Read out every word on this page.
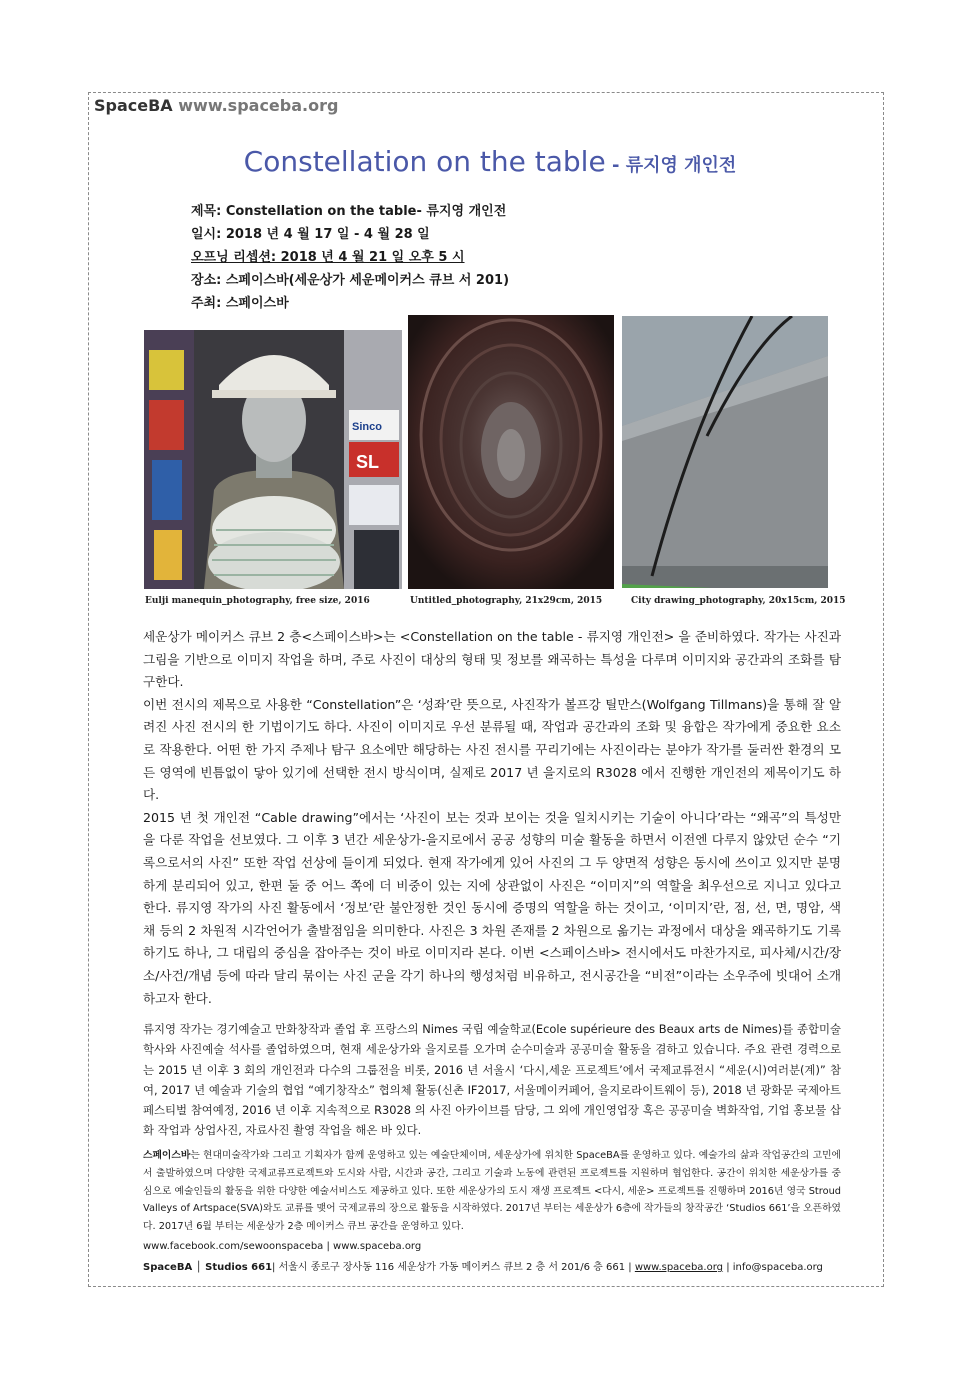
SpaceBA www.spaceba.org
Constellation on the table - 류지영 개인전
제목: Constellation on the table- 류지영 개인전
일시: 2018 년 4 월 17 일 - 4 월 28 일
오프닝 리셉션: 2018 년 4 월 21 일 오후 5 시
장소: 스페이스바(세운상가 세운메이커스 큐브 서 201)
주최: 스페이스바
Sinco
SL
Eulji manequin_photography, free size, 2016	Untitled_photography, 21x29cm, 2015	City drawing_photography, 20x15cm, 2015

세운상가 메이커스 큐브 2 층<스페이스바>는 <Constellation on the table - 류지영 개인전> 을 준비하였다. 작가는 사진과 그림을 기반으로 이미지 작업을 하며, 주로 사진이 대상의 형태 및 정보를 왜곡하는 특성을 다루며 이미지와 공간과의 조화를 탐구한다.

이번 전시의 제목으로 사용한 “Constellation”은 ‘성좌’란 뜻으로, 사진작가 볼프강 틸만스(Wolfgang Tillmans)을 통해 잘 알려진 사진 전시의 한 기법이기도 하다. 사진이 이미지로 우선 분류될 때, 작업과 공간과의 조화 및 융합은 작가에게 중요한 요소로 작용한다. 어떤 한 가지 주제나 탐구 요소에만 해당하는 사진 전시를 꾸리기에는 사진이라는 분야가 작가를 둘러싼 환경의 모든 영역에 빈틈없이 닿아 있기에 선택한 전시 방식이며, 실제로 2017 년 을지로의 R3028 에서 진행한 개인전의 제목이기도 하다.

2015 년 첫 개인전 “Cable drawing”에서는 ‘사진이 보는 것과 보이는 것을 일치시키는 기술이 아니다’라는 “왜곡”의 특성만을 다룬 작업을 선보였다. 그 이후 3 년간 세운상가-을지로에서 공공 성향의 미술 활동을 하면서 이전엔 다루지 않았던 순수 “기록으로서의 사진” 또한 작업 선상에 들이게 되었다. 현재 작가에게 있어 사진의 그 두 양면적 성향은 동시에 쓰이고 있지만 분명하게 분리되어 있고, 한편 둘 중 어느 쪽에 더 비중이 있는 지에 상관없이 사진은 “이미지”의 역할을 최우선으로 지니고 있다고 한다. 류지영 작가의 사진 활동에서 ‘정보’란 불안정한 것인 동시에 증명의 역할을 하는 것이고, ‘이미지’란, 점, 선, 면, 명암, 색채 등의 2 차원적 시각언어가 출발점임을 의미한다. 사진은 3 차원 존재를 2 차원으로 옮기는 과정에서 대상을 왜곡하기도 기록하기도 하나, 그 대립의 중심을 잡아주는 것이 바로 이미지라 본다. 이번 <스페이스바> 전시에서도 마찬가지로, 피사체/시간/장소/사건/개념 등에 따라 달리 묶이는 사진 군을 각기 하나의 행성처럼 비유하고, 전시공간을 “비전”이라는 소우주에 빗대어 소개하고자 한다.

류지영 작가는 경기예술고 만화창작과 졸업 후 프랑스의 Nimes 국립 예술학교(Ecole supérieure des Beaux arts de Nimes)를 종합미술 학사와 사진예술 석사를 졸업하였으며, 현재 세운상가와 을지로를 오가며 순수미술과 공공미술 활동을 겸하고 있습니다. 주요 관련 경력으로는 2015 년 이후 3 회의 개인전과 다수의 그룹전을 비롯, 2016 년 서울시 ‘다시,세운 프로젝트’에서 국제교류전시 “세운(시)여러분(계)” 참여, 2017 년 예술과 기술의 협업 “예기창작소” 협의체 활동(신촌 IF2017, 서울메이커페어, 을지로라이트웨이 등), 2018 년 광화문 국제아트페스티벌 참여예정, 2016 년 이후 지속적으로 R3028 의 사진 아카이브를 담당, 그 외에 개인영업장 혹은 공공미술 벽화작업, 기업 홍보물 삽화 작업과 상업사진, 자료사진 촬영 작업을 해온 바 있다.

스페이스바는 현대미술작가와 그리고 기획자가 함께 운영하고 있는 예술단체이며, 세운상가에 위치한 SpaceBA를 운영하고 있다. 예술가의 삶과 작업공간의 고민에서 출발하였으며 다양한 국제교류프로젝트와 도시와 사람, 시간과 공간, 그리고 기술과 노동에 관련된 프로젝트를 지원하며 협업한다. 공간이 위치한 세운상가를 중심으로 예술인들의 활동을 위한 다양한 예술서비스도 제공하고 있다. 또한 세운상가의 도시 재생 프로젝트 <다시, 세운> 프로젝트를 진행하며 2016년 영국 Stroud Valleys of Artspace(SVA)와도 교류를 맺어 국제교류의 장으로 활동을 시작하였다. 2017년 부터는 세운상가 6층에 작가들의 창작공간 ‘Studios 661’을 오픈하였다. 2017년 6월 부터는 세운상가 2층 메이커스 큐브 공간을 운영하고 있다.

www.facebook.com/sewoonspaceba | www.spaceba.org
SpaceBA │ Studios 661| 서울시 종로구 장사동 116 세운상가 가동 메이커스 큐브 2 층 서 201/6 층 661 | www.spaceba.org | info@spaceba.org
